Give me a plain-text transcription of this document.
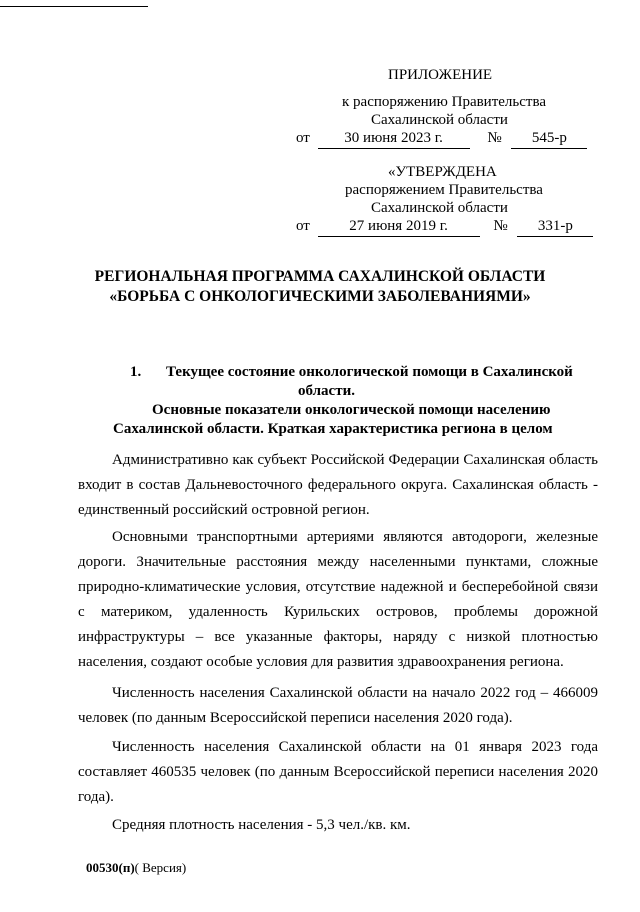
ПРИЛОЖЕНИЕ
к распоряжению Правительства
Сахалинской области
от 30 июня 2023 г.	№ 545-р
«УТВЕРЖДЕНА
распоряжением Правительства
Сахалинской области
от	27 июня 2019 г.	№ 331-р
РЕГИОНАЛЬНАЯ ПРОГРАММА САХАЛИНСКОЙ ОБЛАСТИ
«БОРЬБА С ОНКОЛОГИЧЕСКИМИ ЗАБОЛЕВАНИЯМИ»
1. Текущее состояние онкологической помощи в Сахалинской
области.
Основные показатели онкологической помощи населению
Сахалинской области. Краткая характеристика региона в целом

Административно как субъект Российской Федерации Сахалинская область входит в состав Дальневосточного федерального округа. Сахалинская область - единственный российский островной регион.

Основными транспортными артериями являются автодороги, железные дороги. Значительные расстояния между населенными пунктами, сложные природно-климатические условия, отсутствие надежной и бесперебойной связи с материком, удаленность Курильских островов, проблемы дорожной инфраструктуры – все указанные факторы, наряду с низкой плотностью населения, создают особые условия для развития здравоохранения региона.

Численность населения Сахалинской области на начало 2022 год – 466009 человек (по данным Всероссийской переписи населения 2020 года).

Численность населения Сахалинской области на 01 января 2023 года составляет 460535 человек (по данным Всероссийской переписи населения 2020 года).

Средняя плотность населения - 5,3 чел./кв. км.

00530(п)( Версия)
